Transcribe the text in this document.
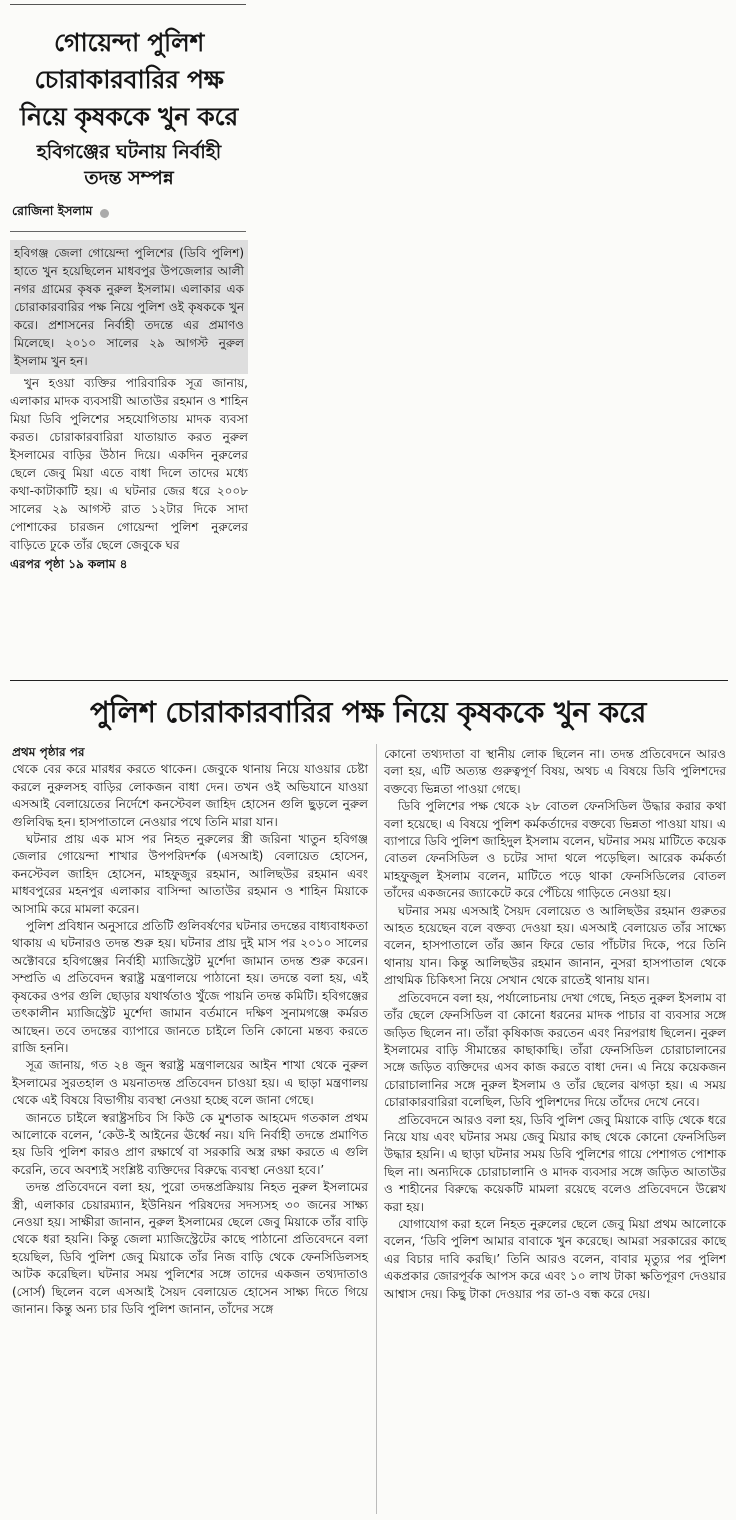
গোয়েন্দা পুলিশ
চোরাকারবারির পক্ষ
নিয়ে কৃষককে খুন করে
হবিগঞ্জের ঘটনায় নির্বাহী
তদন্ত সম্পন্ন
রোজিনা ইসলাম
হবিগঞ্জ জেলা গোয়েন্দা পুলিশের (ডিবি পুলিশ) হাতে খুন হয়েছিলেন মাধবপুর উপজেলার আলী নগর গ্রামের কৃষক নুরুল ইসলাম। এলাকার এক চোরাকারবারির পক্ষ নিয়ে পুলিশ ওই কৃষককে খুন করে। প্রশাসনের নির্বাহী তদন্তে এর প্রমাণও মিলেছে। ২০১০ সালের ২৯ আগস্ট নুরুল ইসলাম খুন হন।

খুন হওয়া ব্যক্তির পারিবারিক সূত্র জানায়, এলাকার মাদক ব্যবসায়ী আতাউর রহমান ও শাহিন মিয়া ডিবি পুলিশের সহযোগিতায় মাদক ব্যবসা করত। চোরাকারবারিরা যাতায়াত করত নুরুল ইসলামের বাড়ির উঠান দিয়ে। একদিন নুরুলের ছেলে জেবু মিয়া এতে বাধা দিলে তাদের মধ্যে কথা-কাটাকাটি হয়। এ ঘটনার জের ধরে ২০০৮ সালের ২৯ আগস্ট রাত ১২টার দিকে সাদা পোশাকের চারজন গোয়েন্দা পুলিশ নুরুলের বাড়িতে ঢুকে তাঁর ছেলে জেবুকে ঘর

এরপর পৃষ্ঠা ১৯ কলাম ৪
পুলিশ চোরাকারবারির পক্ষ নিয়ে কৃষককে খুন করে
প্রথম পৃষ্ঠার পর

থেকে বের করে মারধর করতে থাকেন। জেবুকে থানায় নিয়ে যাওয়ার চেষ্টা করলে নুরুলসহ বাড়ির লোকজন বাধা দেন। তখন ওই অভিযানে যাওয়া এসআই বেলায়েতের নির্দেশে কনস্টেবল জাহিদ হোসেন গুলি ছুড়লে নুরুল গুলিবিদ্ধ হন। হাসপাতালে নেওয়ার পথে তিনি মারা যান।

ঘটনার প্রায় এক মাস পর নিহত নুরুলের স্ত্রী জরিনা খাতুন হবিগঞ্জ জেলার গোয়েন্দা শাখার উপপরিদর্শক (এসআই) বেলায়েত হোসেন, কনস্টেবল জাহিদ হোসেন, মাহফুজুর রহমান, আলিছউর রহমান এবং মাধবপুরের মহনপুর এলাকার বাসিন্দা আতাউর রহমান ও শাহিন মিয়াকে আসামি করে মামলা করেন।

পুলিশ প্রবিধান অনুসারে প্রতিটি গুলিবর্ষণের ঘটনার তদন্তের বাধ্যবাধকতা থাকায় এ ঘটনারও তদন্ত শুরু হয়। ঘটনার প্রায় দুই মাস পর ২০১০ সালের অক্টোবরে হবিগঞ্জের নির্বাহী ম্যাজিস্ট্রেট মুর্শেদা জামান তদন্ত শুরু করেন। সম্প্রতি এ প্রতিবেদন স্বরাষ্ট্র মন্ত্রণালয়ে পাঠানো হয়। তদন্তে বলা হয়, এই কৃষকের ওপর গুলি ছোড়ার যথার্থতাও খুঁজে পায়নি তদন্ত কমিটি। হবিগঞ্জের তৎকালীন ম্যাজিস্ট্রেট মুর্শেদা জামান বর্তমানে দক্ষিণ সুনামগঞ্জে কর্মরত আছেন। তবে তদন্তের ব্যাপারে জানতে চাইলে তিনি কোনো মন্তব্য করতে রাজি হননি।

সূত্র জানায়, গত ২৪ জুন স্বরাষ্ট্র মন্ত্রণালয়ের আইন শাখা থেকে নুরুল ইসলামের সুরতহাল ও ময়নাতদন্ত প্রতিবেদন চাওয়া হয়। এ ছাড়া মন্ত্রণালয় থেকে এই বিষয়ে বিভাগীয় ব্যবস্থা নেওয়া হচ্ছে বলে জানা গেছে।

জানতে চাইলে স্বরাষ্ট্রসচিব সি কিউ কে মুশতাক আহমেদ গতকাল প্রথম আলোকে বলেন, ‘কেউ-ই আইনের ঊর্ধ্বে নয়। যদি নির্বাহী তদন্তে প্রমাণিত হয় ডিবি পুলিশ কারও প্রাণ রক্ষার্থে বা সরকারি অস্ত্র রক্ষা করতে এ গুলি করেনি, তবে অবশ্যই সংশ্লিষ্ট ব্যক্তিদের বিরুদ্ধে ব্যবস্থা নেওয়া হবে।’

তদন্ত প্রতিবেদনে বলা হয়, পুরো তদন্তপ্রক্রিয়ায় নিহত নুরুল ইসলামের স্ত্রী, এলাকার চেয়ারম্যান, ইউনিয়ন পরিষদের সদস্যসহ ৩০ জনের সাক্ষ্য নেওয়া হয়। সাক্ষীরা জানান, নুরুল ইসলামের ছেলে জেবু মিয়াকে তাঁর বাড়ি থেকে ধরা হয়নি। কিন্তু জেলা ম্যাজিস্ট্রেটের কাছে পাঠানো প্রতিবেদনে বলা হয়েছিল, ডিবি পুলিশ জেবু মিয়াকে তাঁর নিজ বাড়ি থেকে ফেনসিডিলসহ আটক করেছিল। ঘটনার সময় পুলিশের সঙ্গে তাদের একজন তথ্যদাতাও (সোর্স) ছিলেন বলে এসআই সৈয়দ বেলায়েত হোসেন সাক্ষ্য দিতে গিয়ে জানান। কিন্তু অন্য চার ডিবি পুলিশ জানান, তাঁদের সঙ্গে

কোনো তথ্যদাতা বা স্থানীয় লোক ছিলেন না। তদন্ত প্রতিবেদনে আরও বলা হয়, এটি অত্যন্ত গুরুত্বপূর্ণ বিষয়, অথচ এ বিষয়ে ডিবি পুলিশদের বক্তব্যে ভিন্নতা পাওয়া গেছে।

ডিবি পুলিশের পক্ষ থেকে ২৮ বোতল ফেনসিডিল উদ্ধার করার কথা বলা হয়েছে। এ বিষয়ে পুলিশ কর্মকর্তাদের বক্তব্যে ভিন্নতা পাওয়া যায়। এ ব্যাপারে ডিবি পুলিশ জাহিদুল ইসলাম বলেন, ঘটনার সময় মাটিতে কয়েক বোতল ফেনসিডিল ও চটের সাদা থলে পড়েছিল। আরেক কর্মকর্তা মাহফুজুল ইসলাম বলেন, মাটিতে পড়ে থাকা ফেনসিডিলের বোতল তাঁদের একজনের জ্যাকেটে করে পেঁচিয়ে গাড়িতে নেওয়া হয়।

ঘটনার সময় এসআই সৈয়দ বেলায়েত ও আলিছউর রহমান গুরুতর আহত হয়েছেন বলে বক্তব্য দেওয়া হয়। এসআই বেলায়েত তাঁর সাক্ষ্যে বলেন, হাসপাতালে তাঁর জ্ঞান ফিরে ভোর পাঁচটার দিকে, পরে তিনি থানায় যান। কিন্তু আলিছউর রহমান জানান, নুসরা হাসপাতাল থেকে প্রাথমিক চিকিৎসা নিয়ে সেখান থেকে রাতেই থানায় যান।

প্রতিবেদনে বলা হয়, পর্যালোচনায় দেখা গেছে, নিহত নুরুল ইসলাম বা তাঁর ছেলে ফেনসিডিল বা কোনো ধরনের মাদক পাচার বা ব্যবসার সঙ্গে জড়িত ছিলেন না। তাঁরা কৃষিকাজ করতেন এবং নিরপরাধ ছিলেন। নুরুল ইসলামের বাড়ি সীমান্তের কাছাকাছি। তাঁরা ফেনসিডিল চোরাচালানের সঙ্গে জড়িত ব্যক্তিদের এসব কাজ করতে বাধা দেন। এ নিয়ে কয়েকজন চোরাচালানির সঙ্গে নুরুল ইসলাম ও তাঁর ছেলের ঝগড়া হয়। এ সময় চোরাকারবারিরা বলেছিল, ডিবি পুলিশদের দিয়ে তাঁদের দেখে নেবে।

প্রতিবেদনে আরও বলা হয়, ডিবি পুলিশ জেবু মিয়াকে বাড়ি থেকে ধরে নিয়ে যায় এবং ঘটনার সময় জেবু মিয়ার কাছ থেকে কোনো ফেনসিডিল উদ্ধার হয়নি। এ ছাড়া ঘটনার সময় ডিবি পুলিশের গায়ে পেশাগত পোশাক ছিল না। অন্যদিকে চোরাচালানি ও মাদক ব্যবসার সঙ্গে জড়িত আতাউর ও শাহীনের বিরুদ্ধে কয়েকটি মামলা রয়েছে বলেও প্রতিবেদনে উল্লেখ করা হয়।

যোগাযোগ করা হলে নিহত নুরুলের ছেলে জেবু মিয়া প্রথম আলোকে বলেন, ‘ডিবি পুলিশ আমার বাবাকে খুন করেছে। আমরা সরকারের কাছে এর বিচার দাবি করছি।’ তিনি আরও বলেন, বাবার মৃত্যুর পর পুলিশ একপ্রকার জোরপূর্বক আপস করে এবং ১০ লাখ টাকা ক্ষতিপূরণ দেওয়ার আশ্বাস দেয়। কিছু টাকা দেওয়ার পর তা-ও বন্ধ করে দেয়।
